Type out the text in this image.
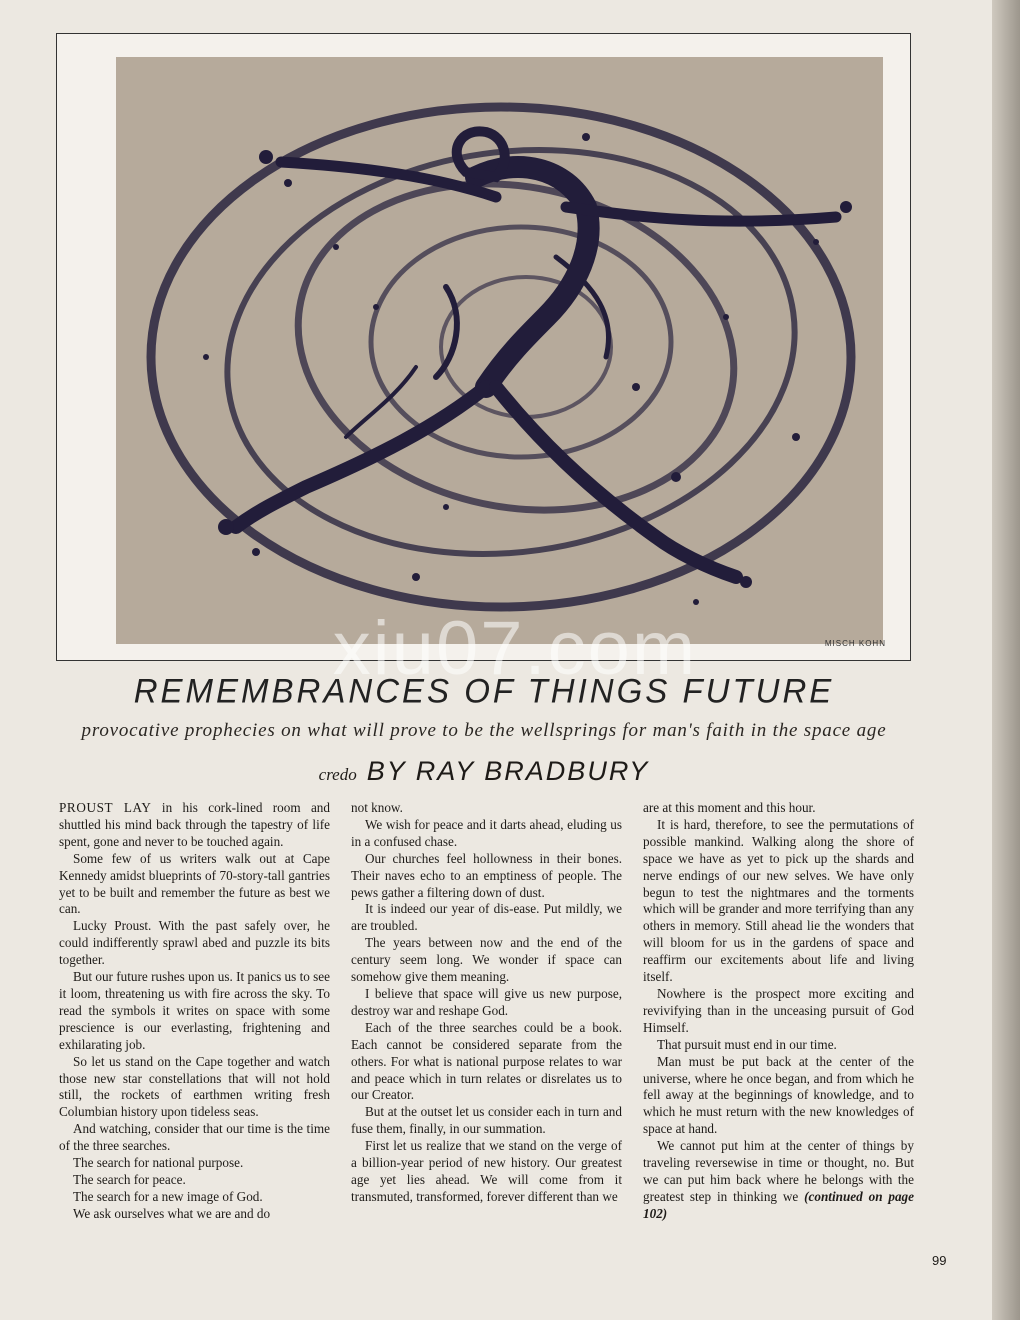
MISCH KOHN
xiu07.com
REMEMBRANCES OF THINGS FUTURE
provocative prophecies on what will prove to be the wellsprings for man's faith in the space age
credo BY RAY BRADBURY

PROUST LAY in his cork-lined room and shuttled his mind back through the tapestry of life spent, gone and never to be touched again.

Some few of us writers walk out at Cape Kennedy amidst blueprints of 70-story-tall gantries yet to be built and remember the future as best we can.

Lucky Proust. With the past safely over, he could indifferently sprawl abed and puzzle its bits together.

But our future rushes upon us. It panics us to see it loom, threatening us with fire across the sky. To read the symbols it writes on space with some prescience is our everlasting, frightening and exhilarating job.

So let us stand on the Cape together and watch those new star constellations that will not hold still, the rockets of earthmen writing fresh Columbian history upon tideless seas.

And watching, consider that our time is the time of the three searches.

The search for national purpose.

The search for peace.

The search for a new image of God.

We ask ourselves what we are and do

not know.

We wish for peace and it darts ahead, eluding us in a confused chase.

Our churches feel hollowness in their bones. Their naves echo to an emptiness of people. The pews gather a filtering down of dust.

It is indeed our year of dis-ease. Put mildly, we are troubled.

The years between now and the end of the century seem long. We wonder if space can somehow give them meaning.

I believe that space will give us new purpose, destroy war and reshape God.

Each of the three searches could be a book. Each cannot be considered separate from the others. For what is national purpose relates to war and peace which in turn relates or disrelates us to our Creator.

But at the outset let us consider each in turn and fuse them, finally, in our summation.

First let us realize that we stand on the verge of a billion-year period of new history. Our greatest age yet lies ahead. We will come from it transmuted, transformed, forever different than we

are at this moment and this hour.

It is hard, therefore, to see the permutations of possible mankind. Walking along the shore of space we have as yet to pick up the shards and nerve endings of our new selves. We have only begun to test the nightmares and the torments which will be grander and more terrifying than any others in memory. Still ahead lie the wonders that will bloom for us in the gardens of space and reaffirm our excitements about life and living itself.

Nowhere is the prospect more exciting and revivifying than in the unceasing pursuit of God Himself.

That pursuit must end in our time.

Man must be put back at the center of the universe, where he once began, and from which he fell away at the beginnings of knowledge, and to which he must return with the new knowledges of space at hand.

We cannot put him at the center of things by traveling reversewise in time or thought, no. But we can put him back where he belongs with the greatest step in thinking we (continued on page 102)

99
